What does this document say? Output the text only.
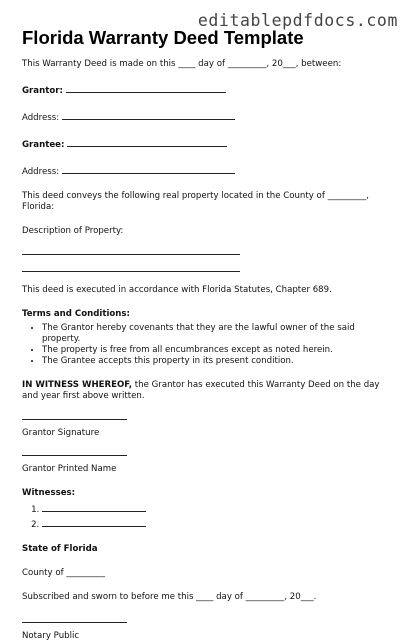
editablepdfdocs.com

Florida Warranty Deed Template

This Warranty Deed is made on this ____ day of _________, 20___, between:

Grantor:

Address:

Grantee:

Address:

This deed conveys the following real property located in the County of _________, Florida:

Description of Property:

This deed is executed in accordance with Florida Statutes, Chapter 689.

Terms and Conditions:

• The Grantor hereby covenants that they are the lawful owner of the said property.
• The property is free from all encumbrances except as noted herein.
• The Grantee accepts this property in its present condition.

IN WITNESS WHEREOF, the Grantor has executed this Warranty Deed on the day and year first above written.

Grantor Signature

Grantor Printed Name

Witnesses:

1.
2.

State of Florida

County of _________

Subscribed and sworn to before me this ____ day of _________, 20___.

Notary Public
